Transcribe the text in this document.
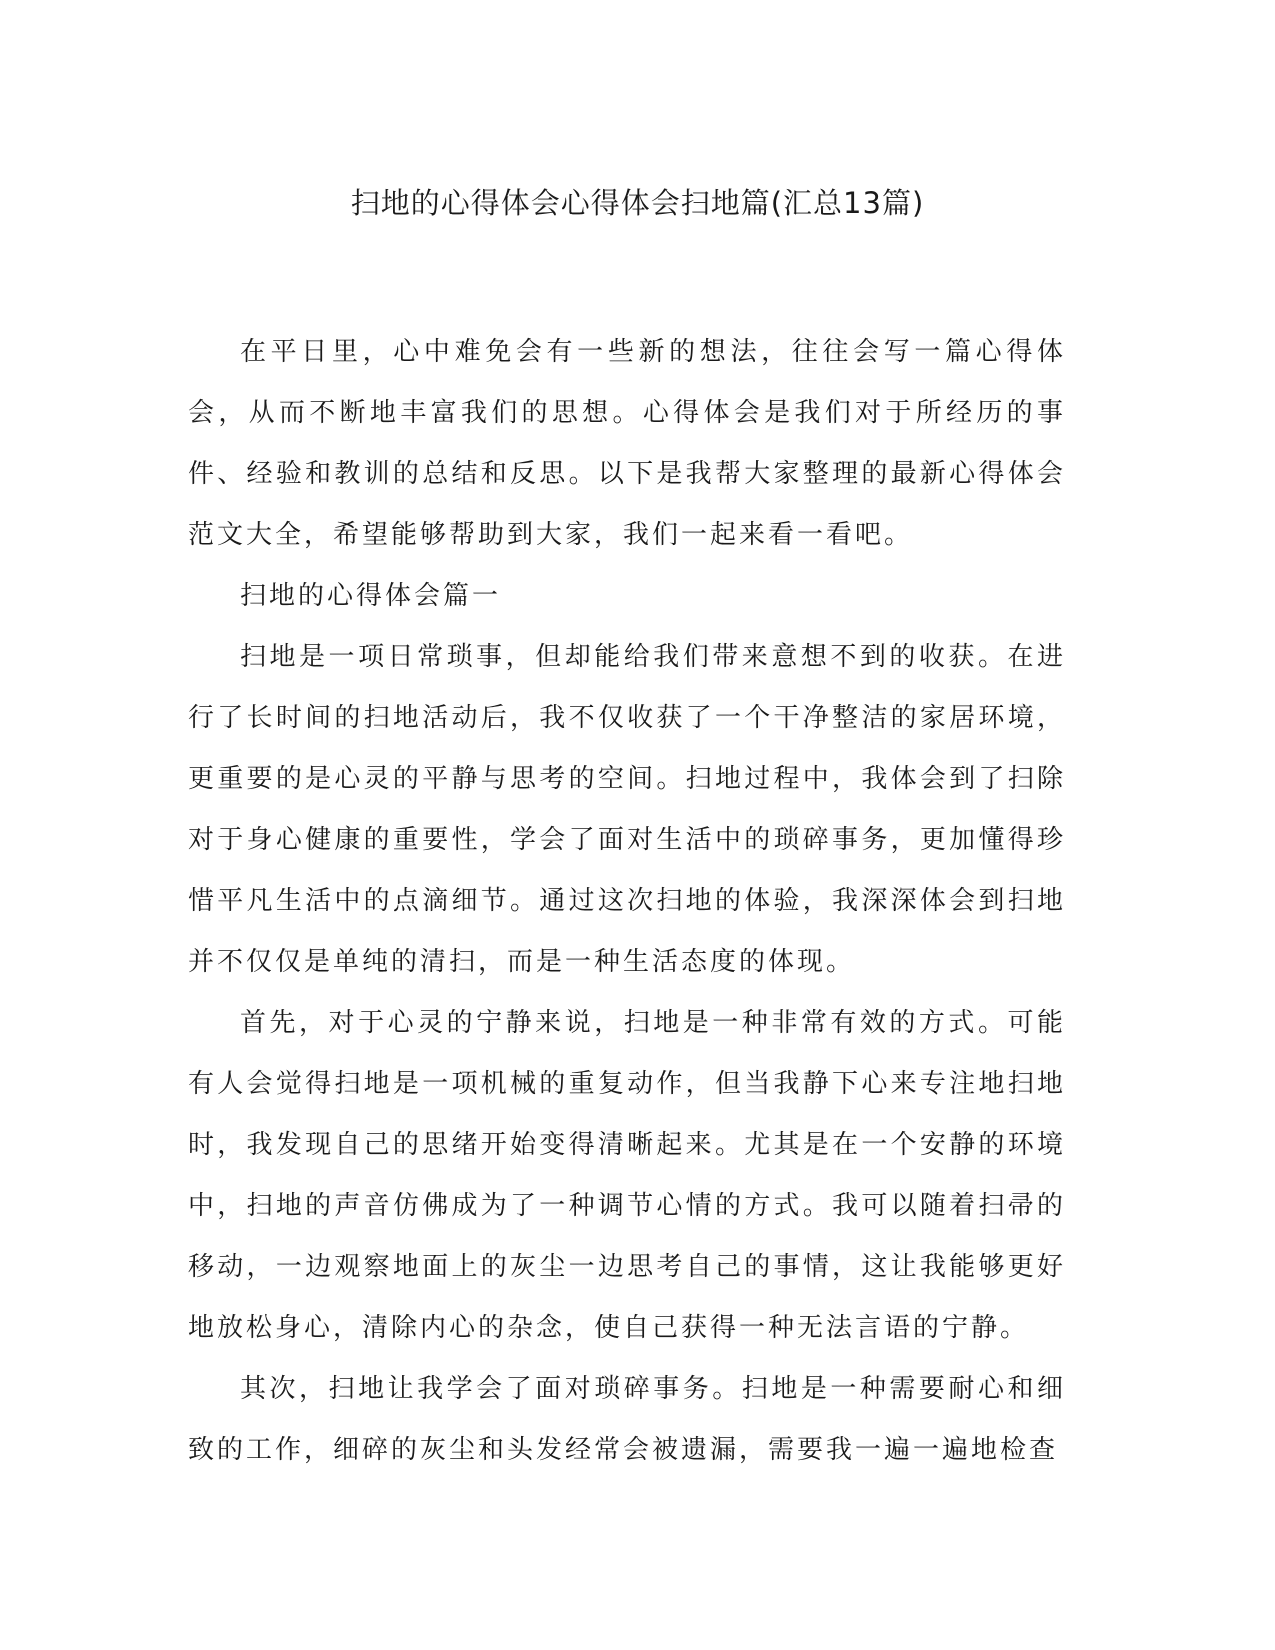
扫地的心得体会心得体会扫地篇(汇总13篇)

在平日里，心中难免会有一些新的想法，往往会写一篇心得体会，从而不断地丰富我们的思想。心得体会是我们对于所经历的事件、经验和教训的总结和反思。以下是我帮大家整理的最新心得体会范文大全，希望能够帮助到大家，我们一起来看一看吧。

扫地的心得体会篇一

扫地是一项日常琐事，但却能给我们带来意想不到的收获。在进行了长时间的扫地活动后，我不仅收获了一个干净整洁的家居环境，更重要的是心灵的平静与思考的空间。扫地过程中，我体会到了扫除对于身心健康的重要性，学会了面对生活中的琐碎事务，更加懂得珍惜平凡生活中的点滴细节。通过这次扫地的体验，我深深体会到扫地并不仅仅是单纯的清扫，而是一种生活态度的体现。

首先，对于心灵的宁静来说，扫地是一种非常有效的方式。可能有人会觉得扫地是一项机械的重复动作，但当我静下心来专注地扫地时，我发现自己的思绪开始变得清晰起来。尤其是在一个安静的环境中，扫地的声音仿佛成为了一种调节心情的方式。我可以随着扫帚的移动，一边观察地面上的灰尘一边思考自己的事情，这让我能够更好地放松身心，清除内心的杂念，使自己获得一种无法言语的宁静。

其次，扫地让我学会了面对琐碎事务。扫地是一种需要耐心和细致的工作，细碎的灰尘和头发经常会被遗漏，需要我一遍一遍地检查
